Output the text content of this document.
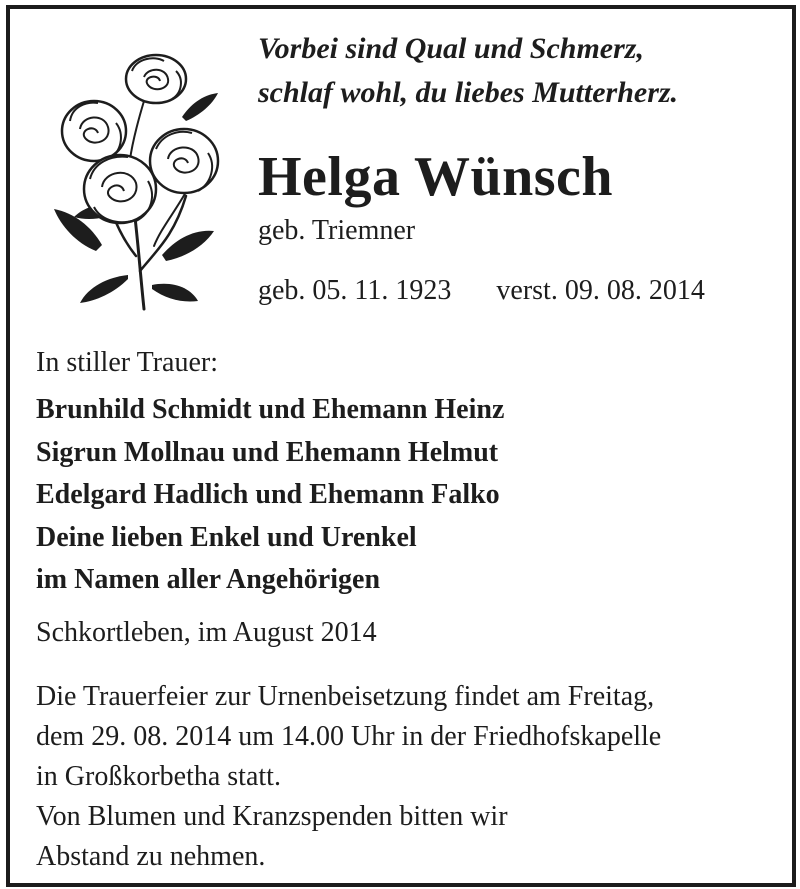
Vorbei sind Qual und Schmerz,
schlaf wohl, du liebes Mutterherz.
Helga Wünsch
geb. Triemner
geb. 05. 11. 1923 verst. 09. 08. 2014
In stiller Trauer:
Brunhild Schmidt und Ehemann Heinz
Sigrun Mollnau und Ehemann Helmut
Edelgard Hadlich und Ehemann Falko
Deine lieben Enkel und Urenkel
im Namen aller Angehörigen
Schkortleben, im August 2014
Die Trauerfeier zur Urnenbeisetzung findet am Freitag,
dem 29. 08. 2014 um 14.00 Uhr in der Friedhofskapelle
in Großkorbetha statt.
Von Blumen und Kranzspenden bitten wir
Abstand zu nehmen.
